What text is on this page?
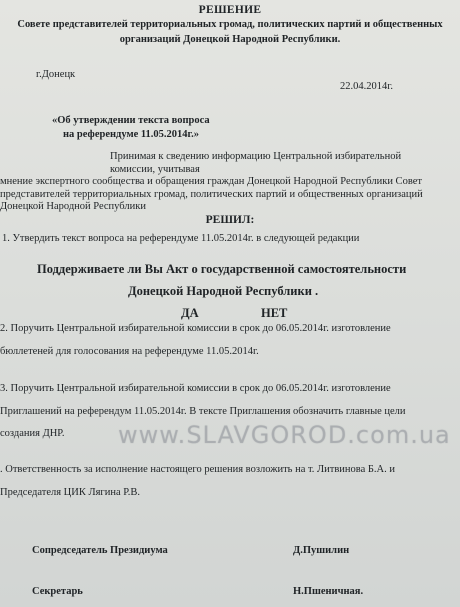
РЕШЕНИЕ
Совете представителей территориальных громад, политических партий и общественных
организаций Донецкой Народной Республики.
г.Донецк
22.04.2014г.
«Об утверждении текста вопроса
на референдуме 11.05.2014г.»
Принимая к сведению информацию Центральной избирательной комиссии, учитывая
мнение экспертного сообщества и обращения граждан Донецкой Народной Республики Совет
представителей территориальных громад, политических партий и общественных организаций
Донецкой Народной Республики
РЕШИЛ:
1. Утвердить текст вопроса на референдуме 11.05.2014г. в следующей редакции
Поддерживаете ли Вы Акт о государственной самостоятельности
Донецкой Народной Республики .
ДА	НЕТ
2. Поручить Центральной избирательной комиссии в срок до 06.05.2014г. изготовление
бюллетеней для голосования на референдуме 11.05.2014г.
3. Поручить Центральной избирательной комиссии в срок до 06.05.2014г. изготовление
Приглашений на референдум 11.05.2014г. В тексте Приглашения обозначить главные цели
создания ДНР. www.SLAVGOROD.com.ua
. Ответственность за исполнение настоящего решения возложить на т. Литвинова Б.А. и
Председателя ЦИК Лягина Р.В.
Сопредседатель Президиума	Д.Пушилин
Секретарь	Н.Пшеничная.
